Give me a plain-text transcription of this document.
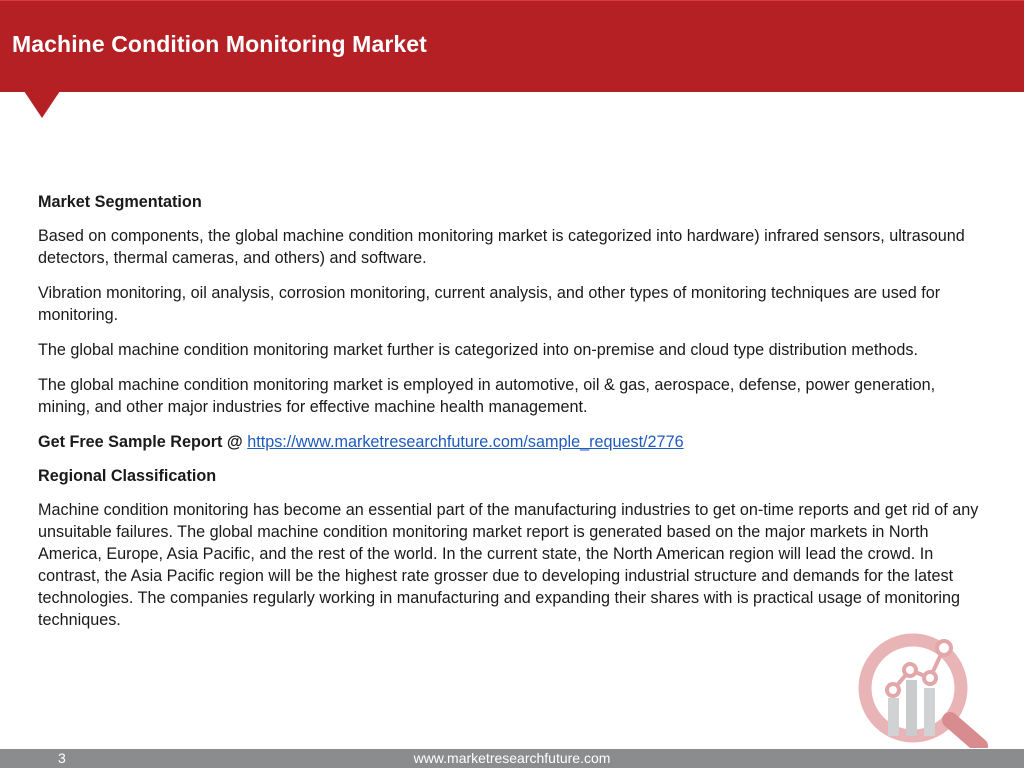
Machine Condition Monitoring Market

Market Segmentation

Based on components, the global machine condition monitoring market is categorized into hardware) infrared sensors, ultrasound detectors, thermal cameras, and others) and software.

Vibration monitoring, oil analysis, corrosion monitoring, current analysis, and other types of monitoring techniques are used for monitoring.

The global machine condition monitoring market further is categorized into on-premise and cloud type distribution methods.

The global machine condition monitoring market is employed in automotive, oil & gas, aerospace, defense, power generation, mining, and other major industries for effective machine health management.

Get Free Sample Report @ https://www.marketresearchfuture.com/sample_request/2776

Regional Classification

Machine condition monitoring has become an essential part of the manufacturing industries to get on-time reports and get rid of any unsuitable failures. The global machine condition monitoring market report is generated based on the major markets in North America, Europe, Asia Pacific, and the rest of the world. In the current state, the North American region will lead the crowd. In contrast, the Asia Pacific region will be the highest rate grosser due to developing industrial structure and demands for the latest technologies. The companies regularly working in manufacturing and expanding their shares with is practical usage of monitoring techniques.

3	www.marketresearchfuture.com
